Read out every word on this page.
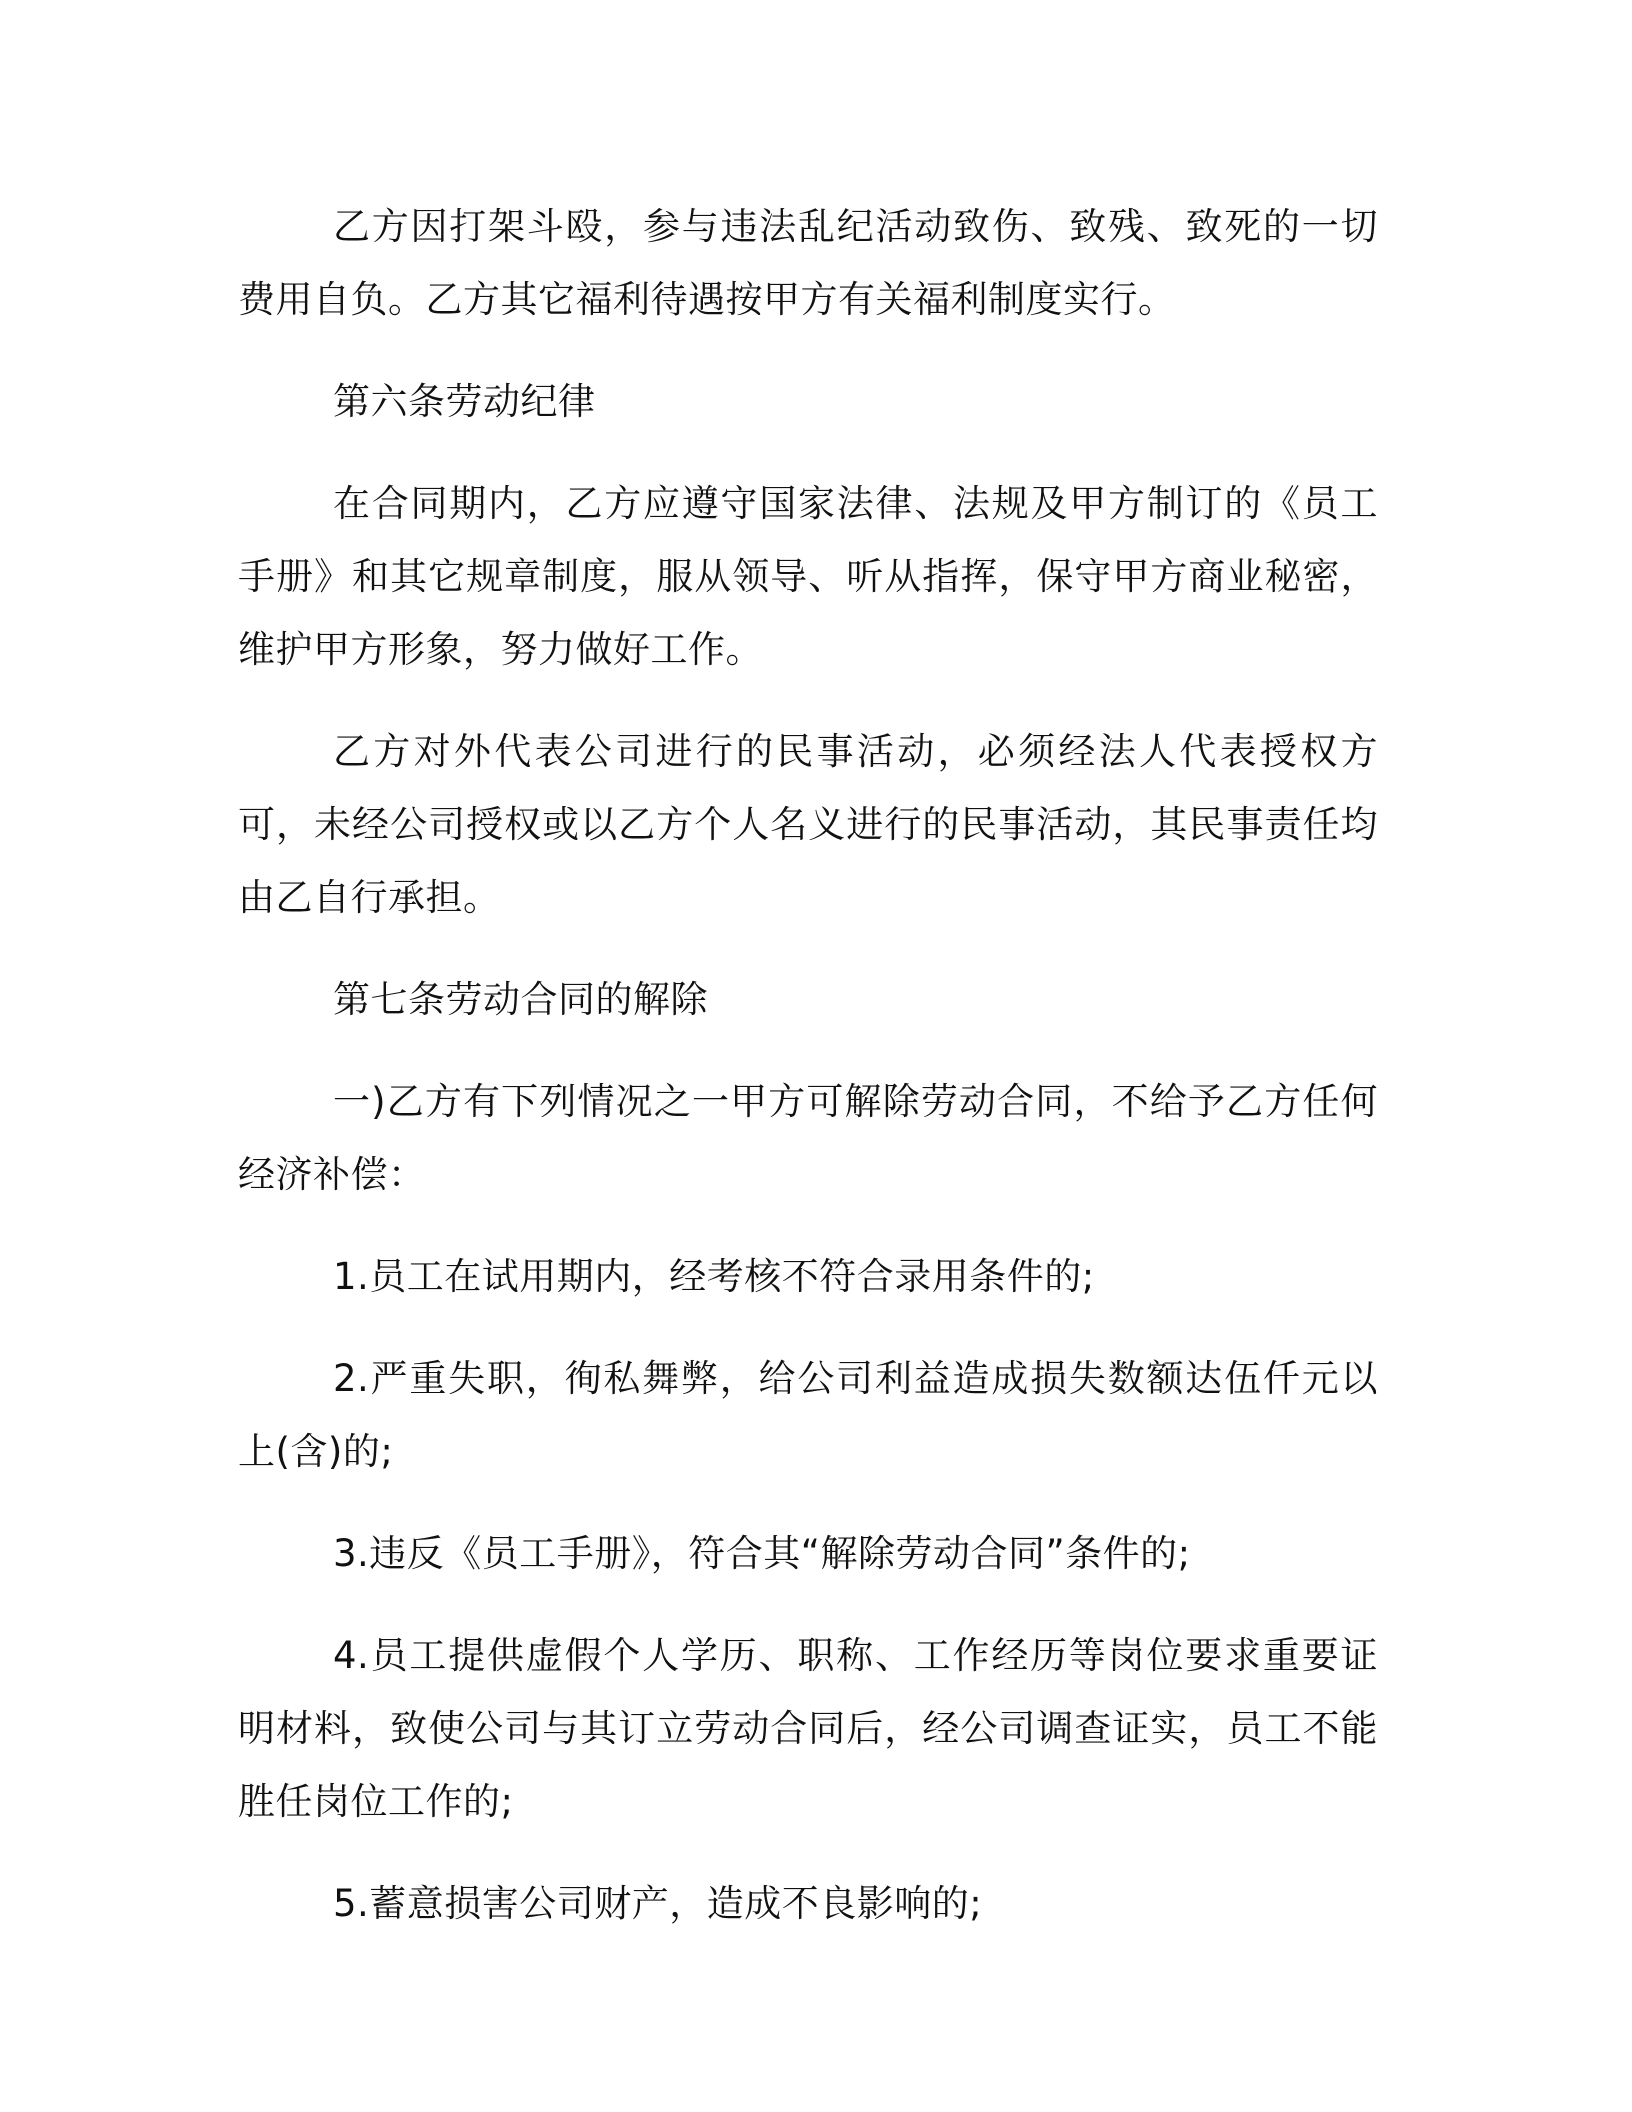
乙方因打架斗殴，参与违法乱纪活动致伤、致残、致死的一切费用自负。乙方其它福利待遇按甲方有关福利制度实行。

第六条劳动纪律

在合同期内，乙方应遵守国家法律、法规及甲方制订的《员工手册》和其它规章制度，服从领导、听从指挥，保守甲方商业秘密，维护甲方形象，努力做好工作。

乙方对外代表公司进行的民事活动，必须经法人代表授权方可，未经公司授权或以乙方个人名义进行的民事活动，其民事责任均由乙自行承担。

第七条劳动合同的解除

一)乙方有下列情况之一甲方可解除劳动合同，不给予乙方任何经济补偿：

1.员工在试用期内，经考核不符合录用条件的;

2.严重失职，徇私舞弊，给公司利益造成损失数额达伍仟元以上(含)的;

3.违反《员工手册》，符合其“解除劳动合同”条件的;

4.员工提供虚假个人学历、职称、工作经历等岗位要求重要证明材料，致使公司与其订立劳动合同后，经公司调查证实，员工不能胜任岗位工作的;

5.蓄意损害公司财产，造成不良影响的;
